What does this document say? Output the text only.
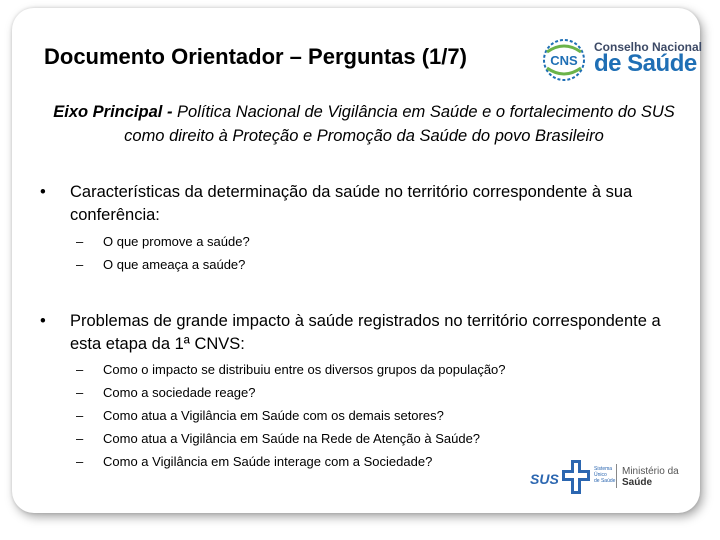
Documento Orientador – Perguntas (1/7)	CNS
Conselho Nacional
de Saúde
Eixo Principal - Política Nacional de Vigilância em Saúde e o fortalecimento do SUS como direito à Proteção e Promoção da Saúde do povo Brasileiro
• Características da determinação da saúde no território correspondente à sua conferência:
– O que promove a saúde?
– O que ameaça a saúde?
• Problemas de grande impacto à saúde registrados no território correspondente a esta etapa da 1ª CNVS:
– Como o impacto se distribuiu entre os diversos grupos da população?
– Como a sociedade reage?
– Como atua a Vigilância em Saúde com os demais setores?
– Como atua a Vigilância em Saúde na Rede de Atenção à Saúde?
– Como a Vigilância em Saúde interage com a Sociedade?
SUS
Sistema
Único
de Saúde
Ministério da
Saúde
